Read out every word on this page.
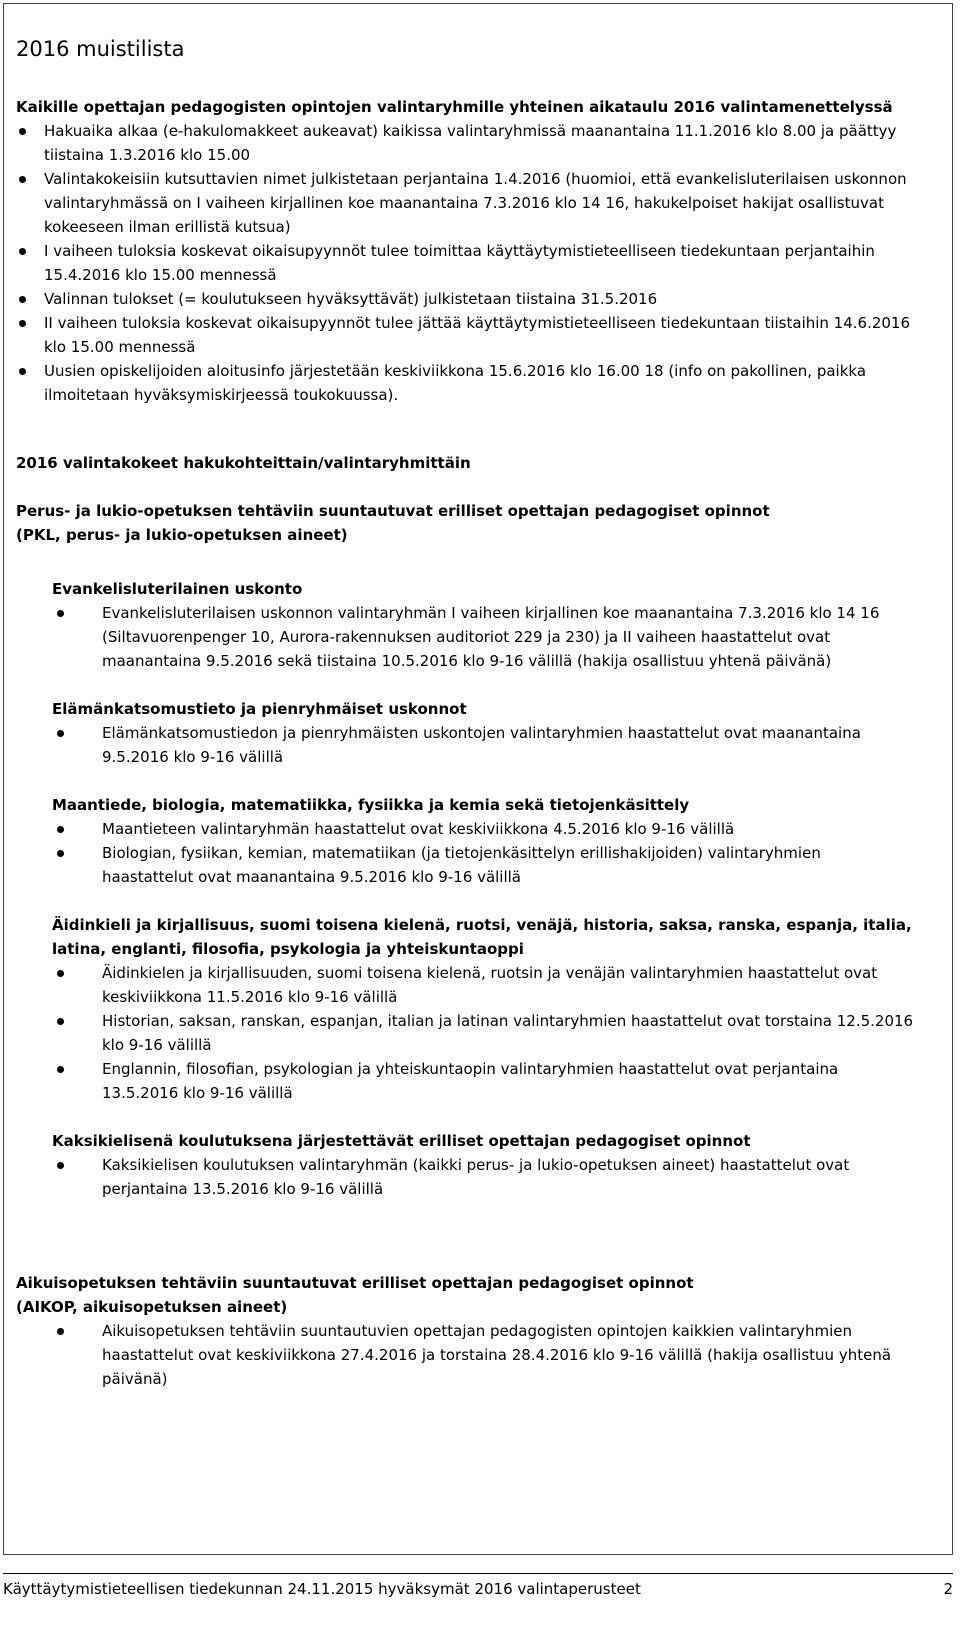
2016 muistilista
Kaikille opettajan pedagogisten opintojen valintaryhmille yhteinen aikataulu 2016 valintamenettelyssä
Hakuaika alkaa (e-hakulomakkeet aukeavat) kaikissa valintaryhmissä maanantaina 11.1.2016 klo 8.00 ja päättyy tiistaina 1.3.2016 klo 15.00
Valintakokeisiin kutsuttavien nimet julkistetaan perjantaina 1.4.2016 (huomioi, että evankelisluterilaisen uskonnon valintaryhmässä on I vaiheen kirjallinen koe maanantaina 7.3.2016 klo 14 16, hakukelpoiset hakijat osallistuvat kokeeseen ilman erillistä kutsua)
I vaiheen tuloksia koskevat oikaisupyynnöt tulee toimittaa käyttäytymistieteelliseen tiedekuntaan perjantaihin 15.4.2016 klo 15.00 mennessä
Valinnan tulokset (= koulutukseen hyväksyttävät) julkistetaan tiistaina 31.5.2016
II vaiheen tuloksia koskevat oikaisupyynnöt tulee jättää käyttäytymistieteelliseen tiedekuntaan tiistaihin 14.6.2016 klo 15.00 mennessä
Uusien opiskelijoiden aloitusinfo järjestetään keskiviikkona 15.6.2016 klo 16.00 18 (info on pakollinen, paikka ilmoitetaan hyväksymiskirjeessä toukokuussa).
2016 valintakokeet hakukohteittain/valintaryhmittäin
Perus- ja lukio-opetuksen tehtäviin suuntautuvat erilliset opettajan pedagogiset opinnot
(PKL, perus- ja lukio-opetuksen aineet)
Evankelisluterilainen uskonto
Evankelisluterilaisen uskonnon valintaryhmän I vaiheen kirjallinen koe maanantaina 7.3.2016 klo 14 16 (Siltavuorenpenger 10, Aurora-rakennuksen auditoriot 229 ja 230) ja II vaiheen haastattelut ovat maanantaina 9.5.2016 sekä tiistaina 10.5.2016 klo 9-16 välillä (hakija osallistuu yhtenä päivänä)
Elämänkatsomustieto ja pienryhmäiset uskonnot
Elämänkatsomustiedon ja pienryhmäisten uskontojen valintaryhmien haastattelut ovat maanantaina 9.5.2016 klo 9-16 välillä
Maantiede, biologia, matematiikka, fysiikka ja kemia sekä tietojenkäsittely
Maantieteen valintaryhmän haastattelut ovat keskiviikkona 4.5.2016 klo 9-16 välillä
Biologian, fysiikan, kemian, matematiikan (ja tietojenkäsittelyn erillishakijoiden) valintaryhmien haastattelut ovat maanantaina 9.5.2016 klo 9-16 välillä
Äidinkieli ja kirjallisuus, suomi toisena kielenä, ruotsi, venäjä, historia, saksa, ranska, espanja, italia, latina, englanti, filosofia, psykologia ja yhteiskuntaoppi
Äidinkielen ja kirjallisuuden, suomi toisena kielenä, ruotsin ja venäjän valintaryhmien haastattelut ovat keskiviikkona 11.5.2016 klo 9-16 välillä
Historian, saksan, ranskan, espanjan, italian ja latinan valintaryhmien haastattelut ovat torstaina 12.5.2016 klo 9-16 välillä
Englannin, filosofian, psykologian ja yhteiskuntaopin valintaryhmien haastattelut ovat perjantaina 13.5.2016 klo 9-16 välillä
Kaksikielisenä koulutuksena järjestettävät erilliset opettajan pedagogiset opinnot
Kaksikielisen koulutuksen valintaryhmän (kaikki perus- ja lukio-opetuksen aineet) haastattelut ovat perjantaina 13.5.2016 klo 9-16 välillä
Aikuisopetuksen tehtäviin suuntautuvat erilliset opettajan pedagogiset opinnot
(AIKOP, aikuisopetuksen aineet)
Aikuisopetuksen tehtäviin suuntautuvien opettajan pedagogisten opintojen kaikkien valintaryhmien haastattelut ovat keskiviikkona 27.4.2016 ja torstaina 28.4.2016 klo 9-16 välillä (hakija osallistuu yhtenä päivänä)
Käyttäytymistieteellisen tiedekunnan 24.11.2015 hyväksymät 2016 valintaperusteet	2
